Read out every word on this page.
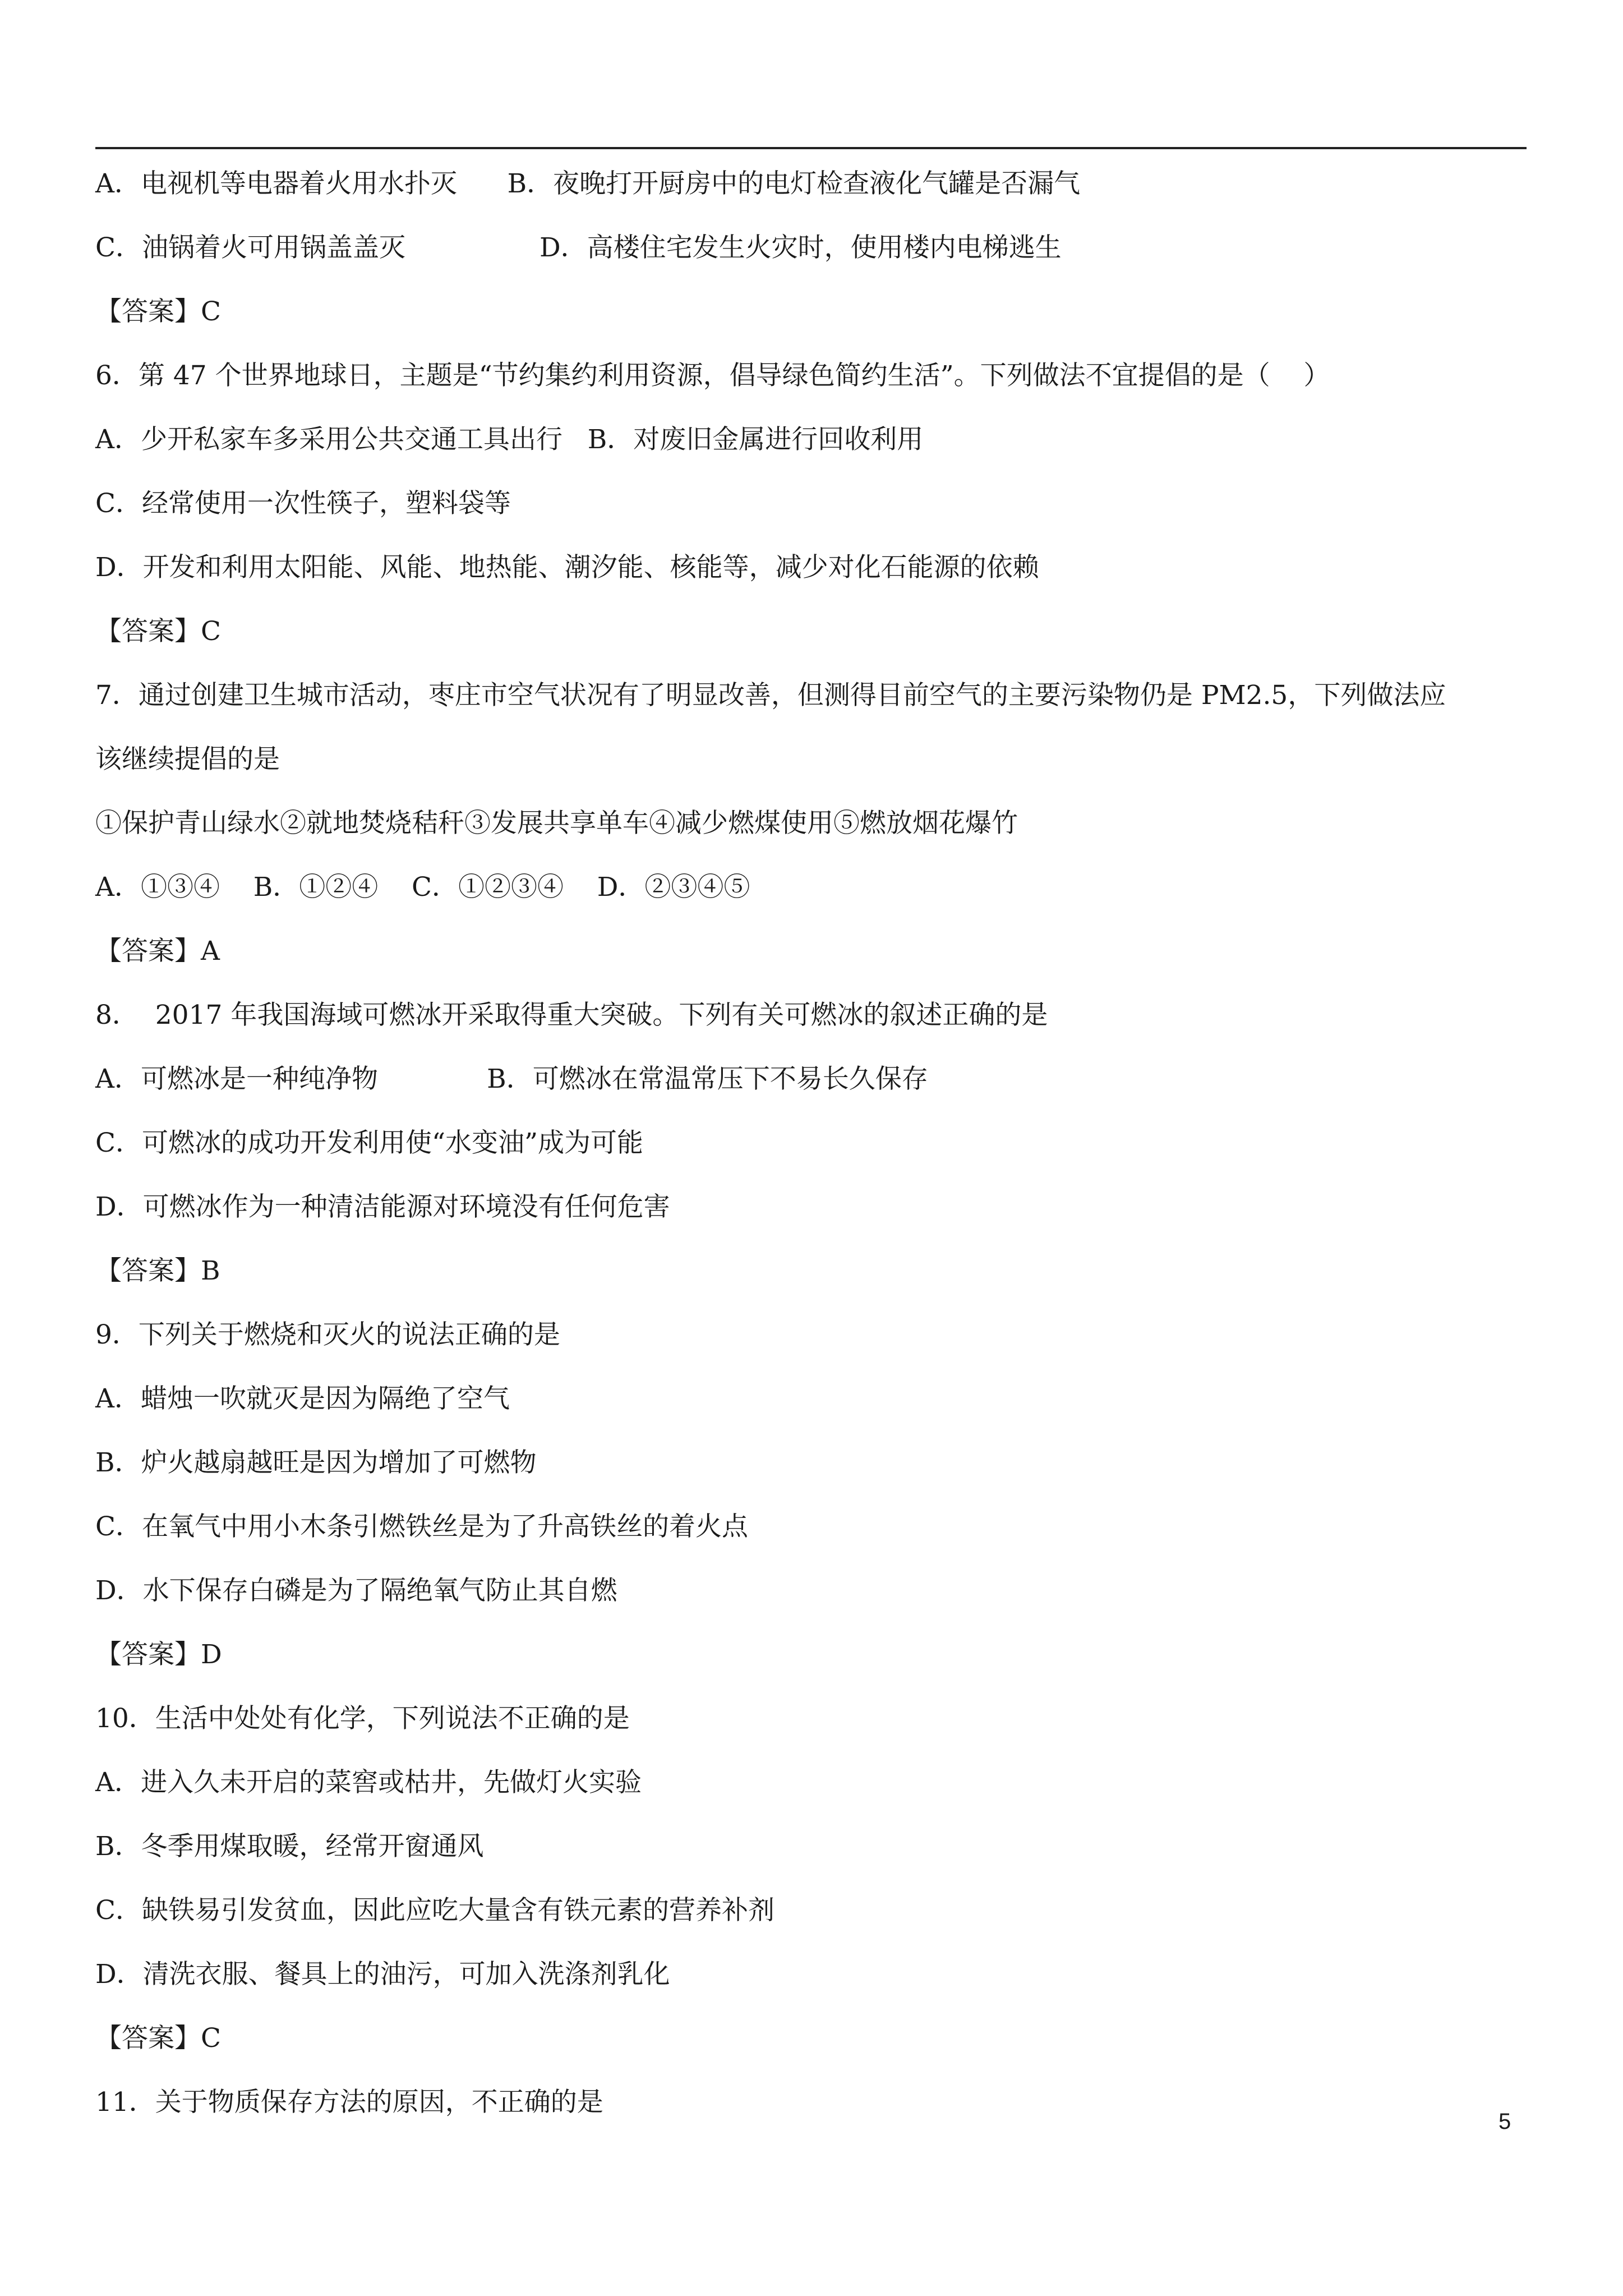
A．电视机等电器着火用水扑灭      B．夜晚打开厨房中的电灯检查液化气罐是否漏气
C．油锅着火可用锅盖盖灭                D．高楼住宅发生火灾时，使用楼内电梯逃生
【答案】C
6．第 47 个世界地球日，主题是“节约集约利用资源，倡导绿色简约生活”。下列做法不宜提倡的是（    ）
A．少开私家车多采用公共交通工具出行   B．对废旧金属进行回收利用
C．经常使用一次性筷子，塑料袋等
D．开发和利用太阳能、风能、地热能、潮汐能、核能等，减少对化石能源的依赖
【答案】C
7．通过创建卫生城市活动，枣庄市空气状况有了明显改善，但测得目前空气的主要污染物仍是 PM2.5，下列做法应
该继续提倡的是
①保护青山绿水②就地焚烧秸秆③发展共享单车④减少燃煤使用⑤燃放烟花爆竹
A．①③④    B．①②④    C．①②③④    D．②③④⑤
【答案】A
8．  2017 年我国海域可燃冰开采取得重大突破。下列有关可燃冰的叙述正确的是
A．可燃冰是一种纯净物             B．可燃冰在常温常压下不易长久保存
C．可燃冰的成功开发利用使“水变油”成为可能
D．可燃冰作为一种清洁能源对环境没有任何危害
【答案】B
9．下列关于燃烧和灭火的说法正确的是
A．蜡烛一吹就灭是因为隔绝了空气
B．炉火越扇越旺是因为增加了可燃物
C．在氧气中用小木条引燃铁丝是为了升高铁丝的着火点
D．水下保存白磷是为了隔绝氧气防止其自燃
【答案】D
10．生活中处处有化学，下列说法不正确的是
A．进入久未开启的菜窖或枯井，先做灯火实验
B．冬季用煤取暖，经常开窗通风
C．缺铁易引发贫血，因此应吃大量含有铁元素的营养补剂
D．清洗衣服、餐具上的油污，可加入洗涤剂乳化
【答案】C
11．关于物质保存方法的原因，不正确的是
5
